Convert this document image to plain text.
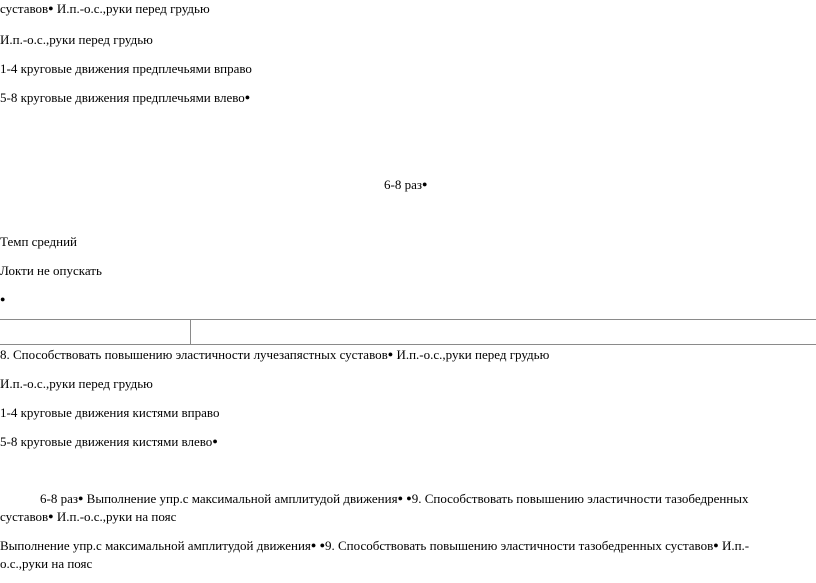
суставов● И.п.-о.с.,руки перед грудью
И.п.-о.с.,руки перед грудью
1-4 круговые движения предплечьями вправо
5-8 круговые движения предплечьями влево●
6-8 раз●
Темп средний
Локти не опускать
●
8. Способствовать повышению эластичности лучезапястных суставов● И.п.-о.с.,руки перед грудью
И.п.-о.с.,руки перед грудью
1-4 круговые движения кистями вправо
5-8 круговые движения кистями влево●
6-8 раз● Выполнение упр.с максимальной амплитудой движения● ●9. Способствовать повышению эластичности тазобедренных
суставов● И.п.-о.с.,руки на пояс
Выполнение упр.с максимальной амплитудой движения● ●9. Способствовать повышению эластичности тазобедренных суставов● И.п.-
о.с.,руки на пояс
